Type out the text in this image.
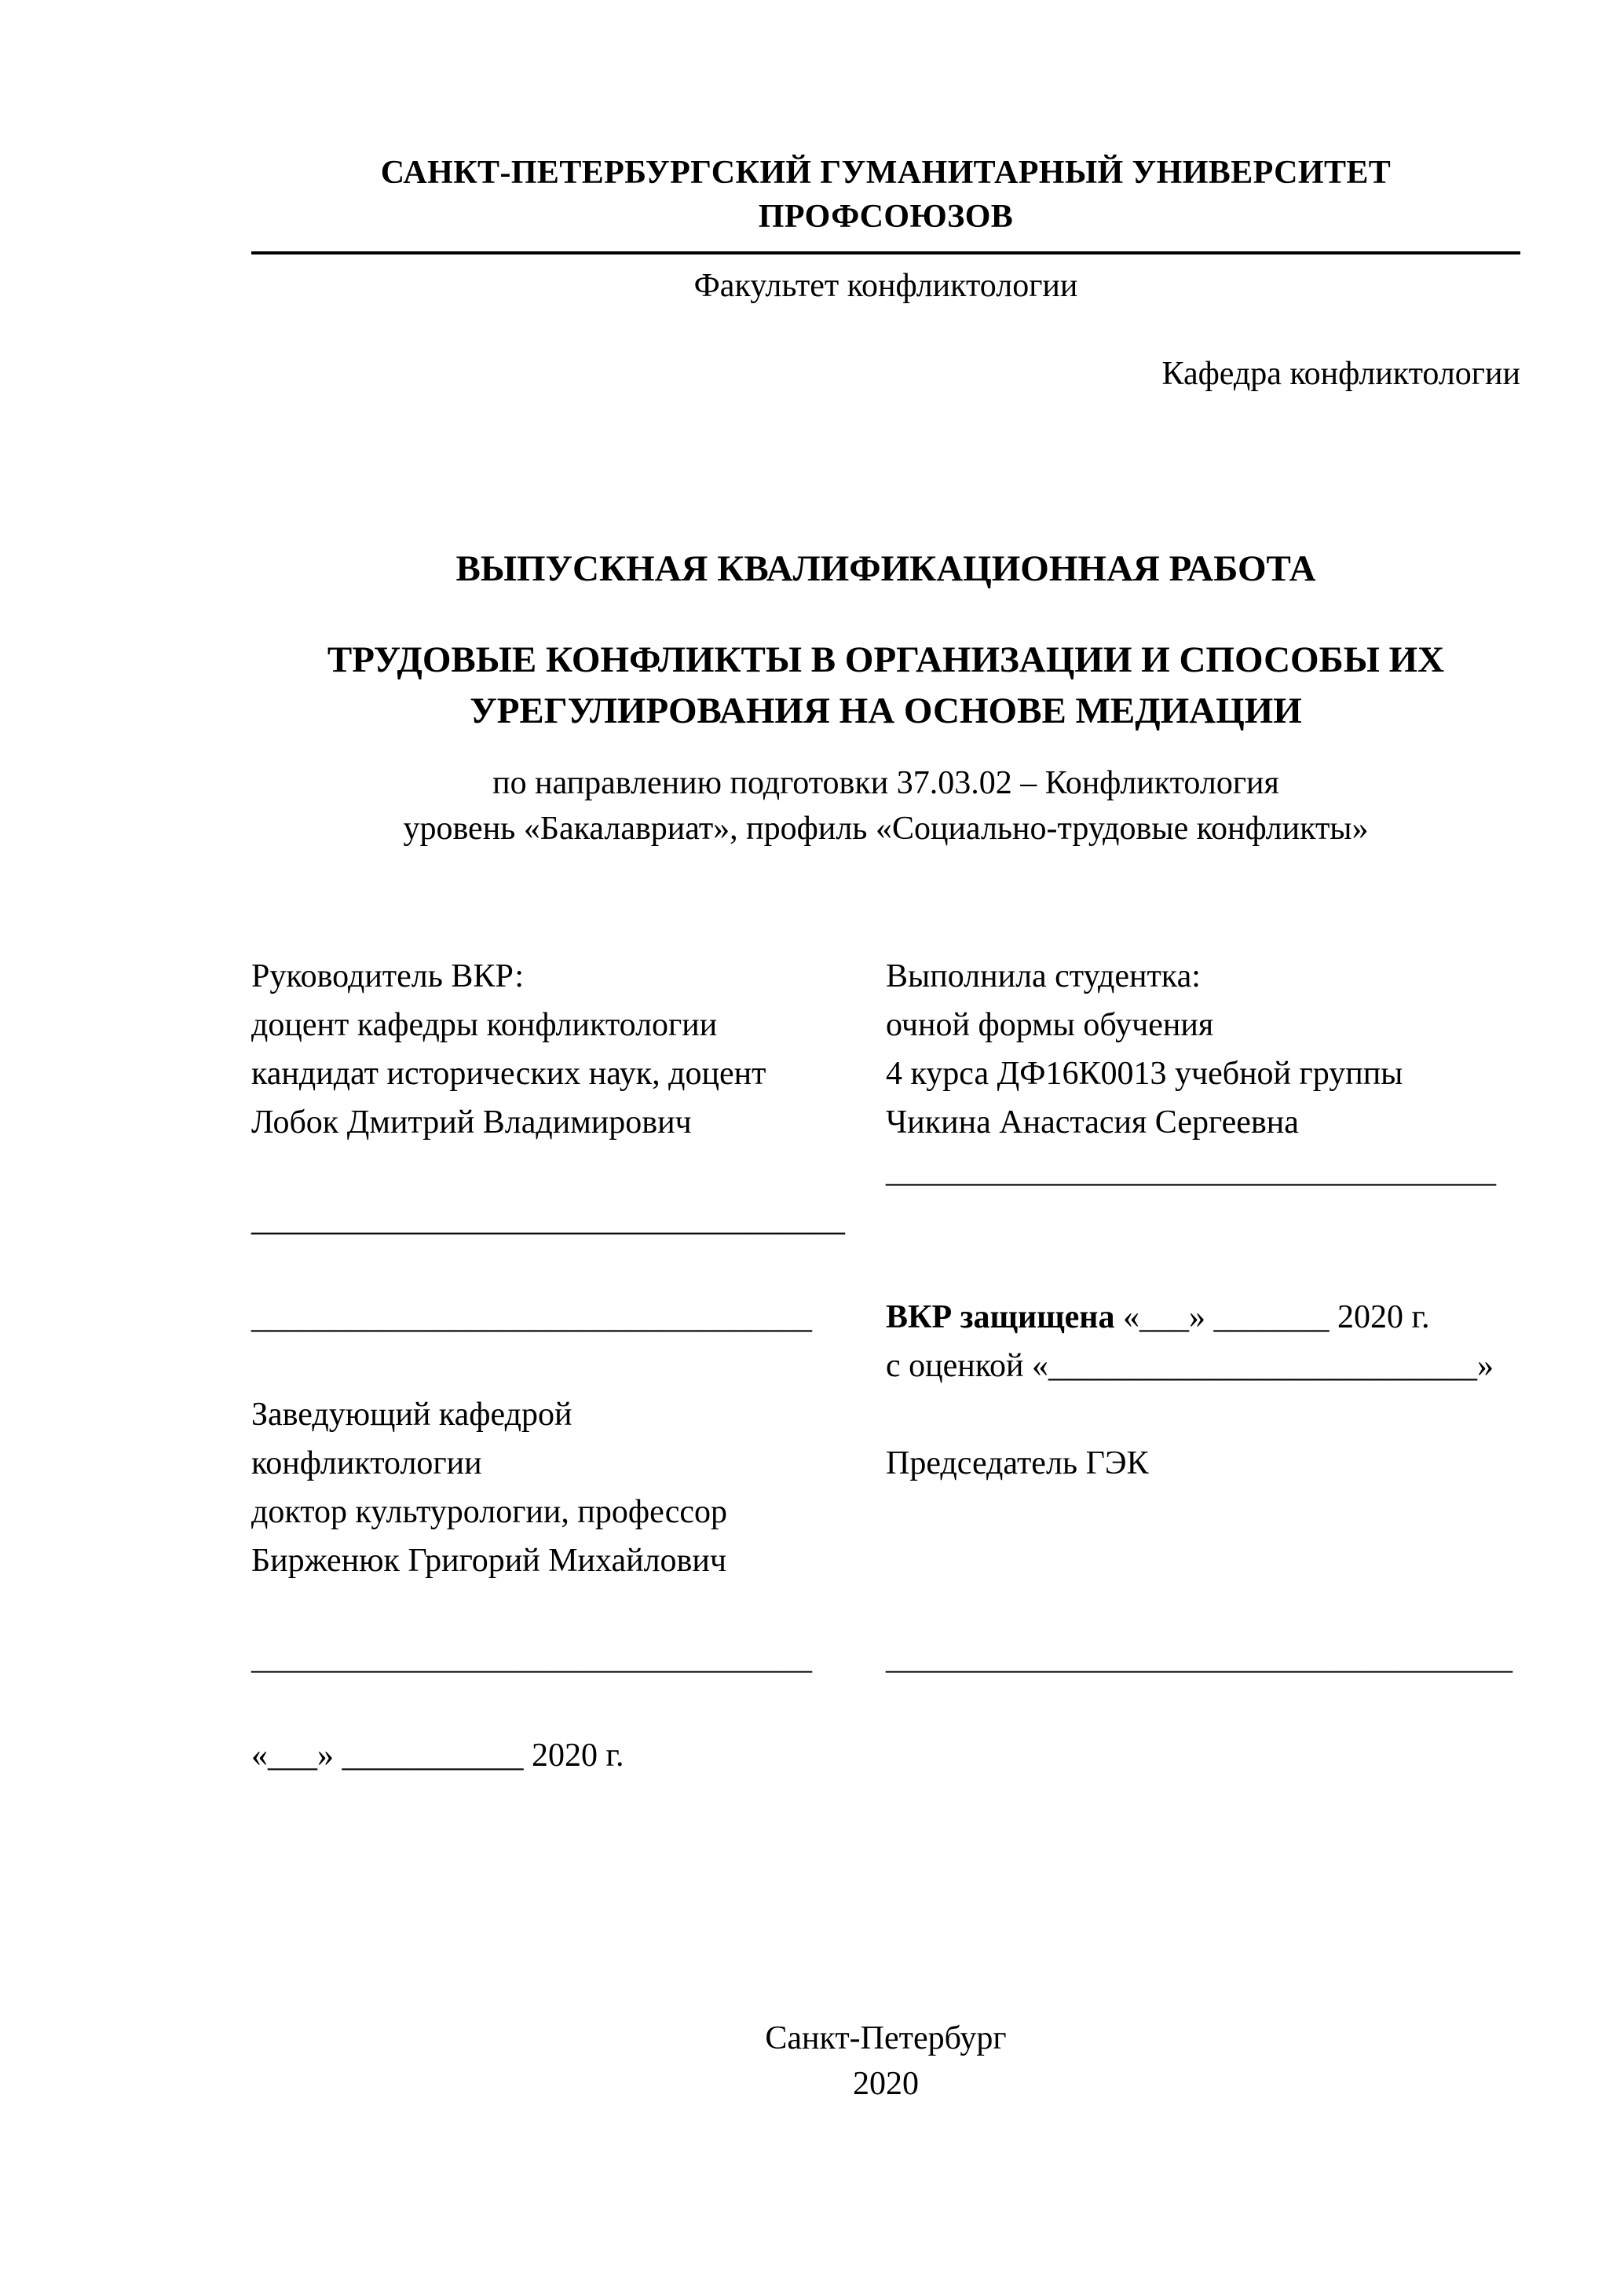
САНКТ-ПЕТЕРБУРГСКИЙ ГУМАНИТАРНЫЙ УНИВЕРСИТЕТ ПРОФСОЮЗОВ
Факультет конфликтологии
Кафедра конфликтологии
ВЫПУСКНАЯ КВАЛИФИКАЦИОННАЯ РАБОТА
ТРУДОВЫЕ КОНФЛИКТЫ В ОРГАНИЗАЦИИ И СПОСОБЫ ИХ УРЕГУЛИРОВАНИЯ НА ОСНОВЕ МЕДИАЦИИ
по направлению подготовки 37.03.02 – Конфликтология
уровень «Бакалавриат», профиль «Социально-трудовые конфликты»
Руководитель ВКР:
доцент кафедры конфликтологии
кандидат исторических наук, доцент
Лобок Дмитрий Владимирович

____________________________________

__________________________________

Заведующий кафедрой
конфликтологии
доктор культурологии, профессор
Бирженюк Григорий Михайлович

__________________________________

«___» ___________ 2020 г.
Выполнила студентка:
очной формы обучения
4 курса ДФ16К0013 учебной группы
Чикина Анастасия Сергеевна
_____________________________________

ВКР защищена «___» _______ 2020 г.
с оценкой «__________________________»

Председатель ГЭК

______________________________________
Санкт-Петербург
2020
